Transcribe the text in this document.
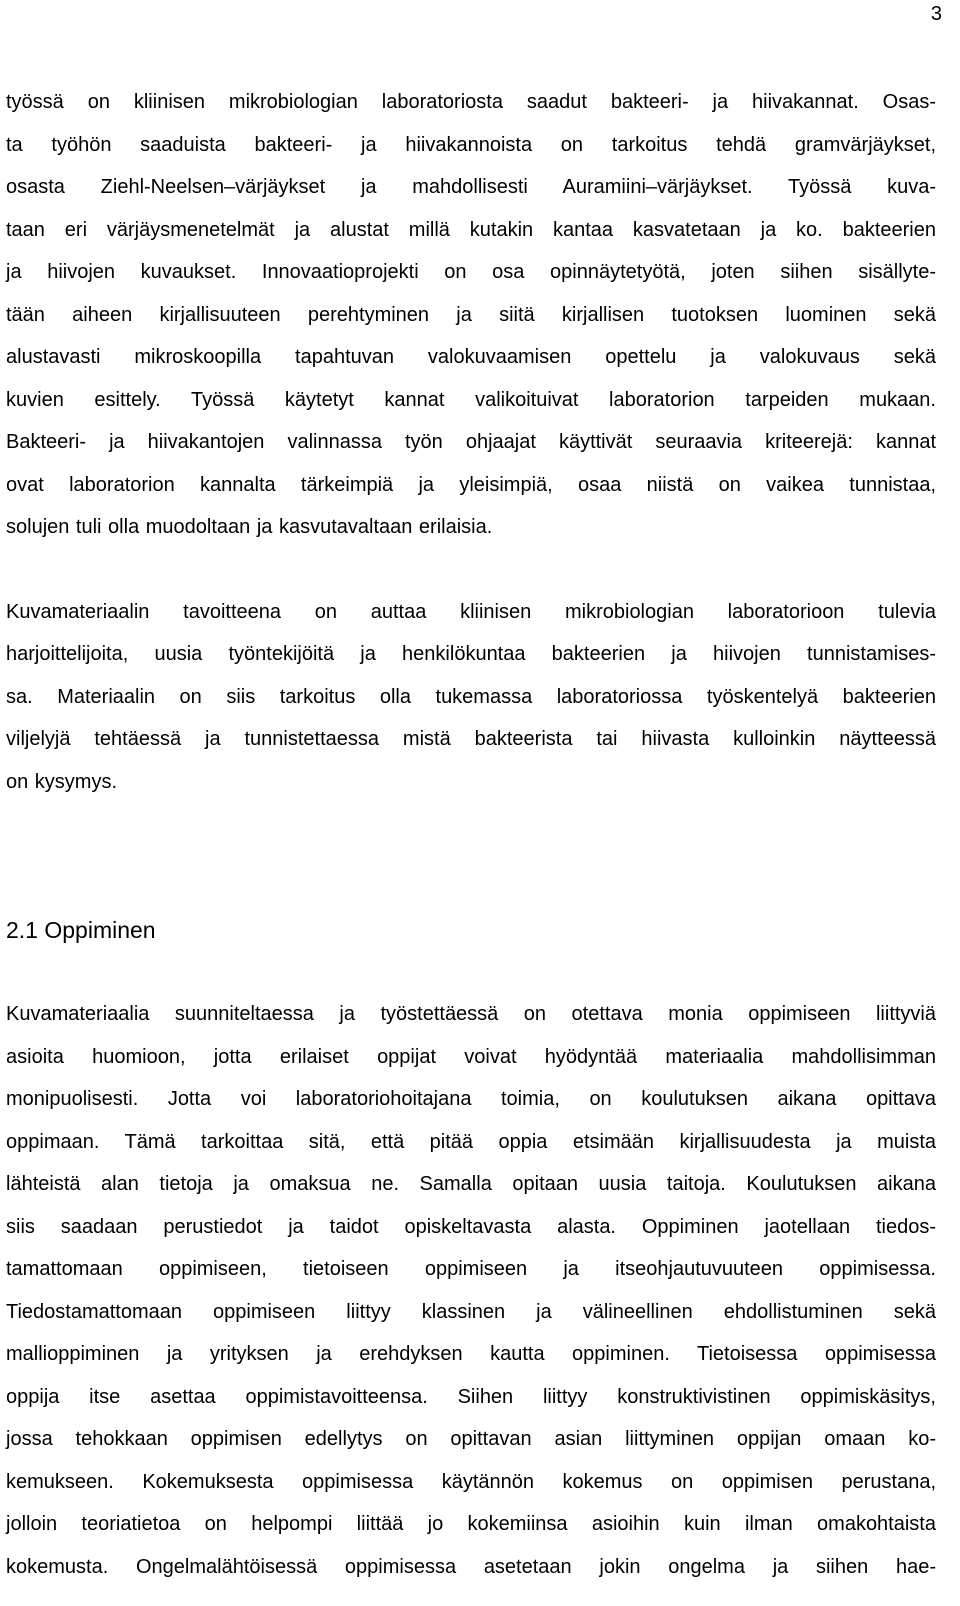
3
työssä on kliinisen mikrobiologian laboratoriosta saadut bakteeri- ja hiivakannat. Osas-
ta työhön saaduista bakteeri- ja hiivakannoista on tarkoitus tehdä gramvärjäykset,
osasta Ziehl-Neelsen–värjäykset ja mahdollisesti Auramiini–värjäykset. Työssä kuva-
taan eri värjäysmenetelmät ja alustat millä kutakin kantaa kasvatetaan ja ko. bakteerien
ja hiivojen kuvaukset. Innovaatioprojekti on osa opinnäytetyötä, joten siihen sisällyte-
tään aiheen kirjallisuuteen perehtyminen ja siitä kirjallisen tuotoksen luominen sekä
alustavasti mikroskoopilla tapahtuvan valokuvaamisen opettelu ja valokuvaus sekä
kuvien esittely. Työssä käytetyt kannat valikoituivat laboratorion tarpeiden mukaan.
Bakteeri- ja hiivakantojen valinnassa työn ohjaajat käyttivät seuraavia kriteerejä: kannat
ovat laboratorion kannalta tärkeimpiä ja yleisimpiä, osaa niistä on vaikea tunnistaa,
solujen tuli olla muodoltaan ja kasvutavaltaan erilaisia.
Kuvamateriaalin tavoitteena on auttaa kliinisen mikrobiologian laboratorioon tulevia
harjoittelijoita, uusia työntekijöitä ja henkilökuntaa bakteerien ja hiivojen tunnistamises-
sa. Materiaalin on siis tarkoitus olla tukemassa laboratoriossa työskentelyä bakteerien
viljelyjä tehtäessä ja tunnistettaessa mistä bakteerista tai hiivasta kulloinkin näytteessä
on kysymys.
2.1 Oppiminen
Kuvamateriaalia suunniteltaessa ja työstettäessä on otettava monia oppimiseen liittyviä
asioita huomioon, jotta erilaiset oppijat voivat hyödyntää materiaalia mahdollisimman
monipuolisesti. Jotta voi laboratoriohoitajana toimia, on koulutuksen aikana opittava
oppimaan. Tämä tarkoittaa sitä, että pitää oppia etsimään kirjallisuudesta ja muista
lähteistä alan tietoja ja omaksua ne. Samalla opitaan uusia taitoja. Koulutuksen aikana
siis saadaan perustiedot ja taidot opiskeltavasta alasta. Oppiminen jaotellaan tiedos-
tamattomaan oppimiseen, tietoiseen oppimiseen ja itseohjautuvuuteen oppimisessa.
Tiedostamattomaan oppimiseen liittyy klassinen ja välineellinen ehdollistuminen sekä
mallioppiminen ja yrityksen ja erehdyksen kautta oppiminen. Tietoisessa oppimisessa
oppija itse asettaa oppimistavoitteensa. Siihen liittyy konstruktivistinen oppimiskäsitys,
jossa tehokkaan oppimisen edellytys on opittavan asian liittyminen oppijan omaan ko-
kemukseen. Kokemuksesta oppimisessa käytännön kokemus on oppimisen perustana,
jolloin teoriatietoa on helpompi liittää jo kokemiinsa asioihin kuin ilman omakohtaista
kokemusta. Ongelmalähtöisessä oppimisessa asetetaan jokin ongelma ja siihen hae-
